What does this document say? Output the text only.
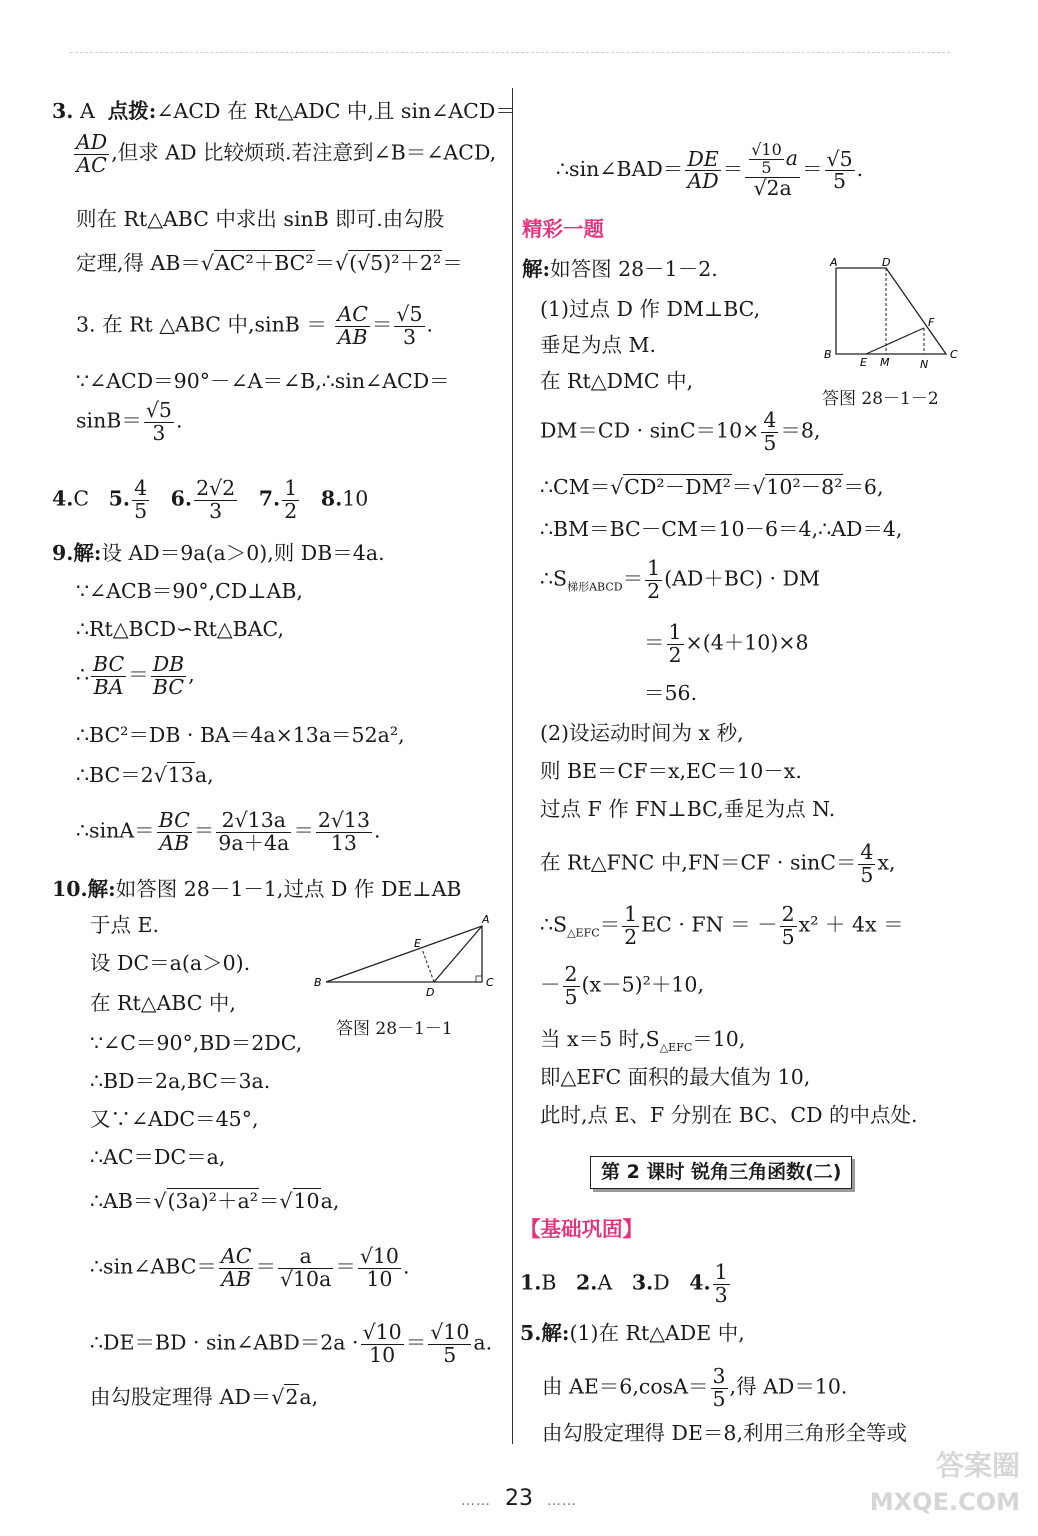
3. A 点拨:∠ACD 在 Rt△ADC 中,且 sin∠ACD＝
$\frac{AD}{AC}$ ,但求 AD 比较烦琐.若注意到∠B＝∠ACD,
则在 Rt△ABC 中求出 sinB 即可.由勾股
定理,得 AB＝√AC²＋BC²＝√(√5)²＋2²＝
3. 在 Rt △ABC 中$,\sin B = \frac{AC}{AB} = \frac{√5}{3}$ .
∵∠ACD＝90°－∠A＝∠B,∴sin∠ACD＝
$\sin B= \frac{√5}{3}$ .
4.C 5. $\frac{4}{5} 6$. $\frac{2√2}{3} 7$. $\frac{1}{2} 8.10$
9.解:设 AD＝9a(a＞0),则 DB＝4a.
∵∠ACB＝90°,CD⊥AB,
∴Rt△BCD∽Rt△BAC,
∴ $\frac{BC}{BA} = \frac{DB}{BC}$ ,
∴BC²＝DB · BA＝4a×13a＝52a²,
∴BC＝2√13a,
∴sinA＝ $\frac{BC}{AB} = \frac{2√13a}{9a+4a} = \frac{2√13}{13}$ .
10.解:如答图 28－1－1,过点 D 作 DE⊥AB
于点 E.
设 DC＝a(a＞0).
在 Rt△ABC 中,
∵∠C＝90°,BD＝2DC,
∴BD＝2a,BC＝3a.
又∵∠ADC＝45°,
∴AC＝DC＝a,
∴AB＝√(3a)²＋a²＝√10a,
∴sin∠ABC＝ $\frac{AC}{AB} = \frac{a}{√10a} = \frac{√10}{10}$ .
∴DE＝BD · sin∠ABD＝2a · $\frac{√10}{10} = \frac{√10}{5} a$.
由勾股定理得 AD＝√2a,
B	C
A
D
E
答图 28－1－1
∴sin∠BAD＝ $\frac{DE}{AD} = \frac{\frac{√10}{5} a}{√2a} = \frac{√5}{5}$ .
精彩一题
解:如答图 28－1－2.
(1)过点 D 作 DM⊥BC,
垂足为点 M.
在 Rt△DMC 中,
$DM=CD \cdot \sin C=10\times \frac{4}{5} =8$,
∴CM＝√CD²－DM²＝√10²－8²＝6,
∴BM＝BC－CM＝10－6＝4,∴AD＝4,
$\therefore S_{梯形ABCD}= \frac{1}{2} (AD+BC)$ · DM
＝ $\frac{1}{2} \times(4+10)\times 8$
＝56.
(2)设运动时间为 x 秒,
则 BE＝CF＝x,EC＝10－x.
过点 F 作 FN⊥BC,垂足为点 N.
在 Rt△FNC 中$,FN=CF \cdot \sin C= \frac{4}{5} x$,
$\therefore S_{\triangle EFC}= \frac{1}{2}$ EC · FN ＝ － $\frac{2}{5} x^2 + 4x$ ＝
－ $\frac{2}{5} (x-5)^2+10$,
当 x＝5 时$,S_{\triangle EFC}=10$,
即△EFC 面积的最大值为 10,
此时,点 E、F 分别在 BC、CD 的中点处.
A	D
B	C
E M	N
F
答图 28－1－2
第 2 课时 锐角三角函数(二)
【基础巩固】
1.B 2.A 3.D 4. $\frac{1}{3}$
5.解:(1)在 Rt△ADE 中,
由 $AE=6,\cos A= \frac{3}{5}$ ,得 AD＝10.
由勾股定理得 DE＝8,利用三角形全等或
…… 23 ……
答案圈
MXQE.COM
